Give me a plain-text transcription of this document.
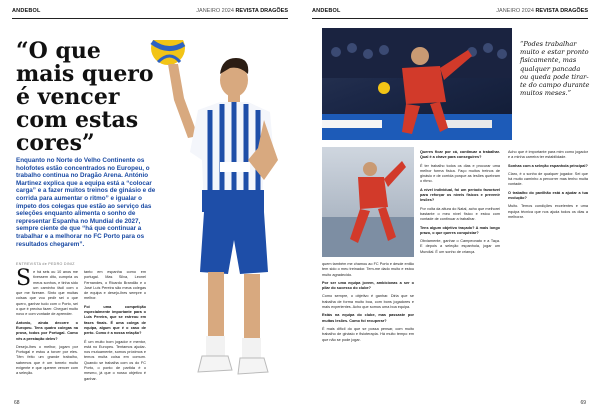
ANDEBOL	JANEIRO 2024 REVISTA DRAGÕES
“O que mais quero é vencer com estas cores”
Enquanto no Norte do Velho Continente os holofotes estão concentrados no Europeu, o trabalho continua no Dragão Arena. António Martinez explica que a equipa está a “colocar carga” e a fazer muitos treinos de ginásio e de corrida para aumentar o ritmo” e igualar o ímpeto dos colegas que estão ao serviço das seleções enquanto alimenta o sonho de representar Espanha no Mundial de 2027, sempre ciente de que “há que continuar a trabalhar e a melhorar no FC Porto para os resultados chegarem”.
ENTREVISTA de PEDRO DINIZ

Se há seis ou 10 anos me tivessem dito, cumpria os meus sonhos, e tinha sido um caminho fácil com o que me fizeram. Sinto que muitas coisas que vou pedir sei o que quero, ganhar tudo com o Porto, sei o que é preciso fazer. Cheguei muito novo e com vontade de aprender.

Antonio, ainda decorre o Europeu. Tens quatro colegas na prova, todos por Portugal. Como vês a prestação deles?

Desejo-lhes o melhor, jogam por Portugal e estou a torcer por eles. Têm feito um grande trabalho, sabemos que é um torneio muito exigente e que querem vencer com a seleção.

tanto em espanha como em portugal. Mas Silva, Leonel Fernandes, o Ricardo Brandão e o José Luís Pereira são meus colegas de equipa e desejo-lhes sempre o melhor.

Foi uma competição especialmente importante para o Luís Pereira, que se estreou em fases finais. É uma colega de equipa, algum que é o caso de perto. Como é a nossa relação?

É um muito bom jogador e mentor, está no Europeu. Tentamos ajudar-nos mutuamente, somos próximos e temos muita coisa em comum. Quando se trabalha com os do FC Porto, o ponto de partida é o mesmo, já que o nosso objetivo é ganhar.

68
ANDEBOL	JANEIRO 2024 REVISTA DRAGÕES
69
“Podes trabalhar muito e estar pronto fisicamente, mas qualquer pancada ou queda pode tirar-te do campo durante muitos meses.”

quem também me chamou ao FC Porto e desde então tem sido o meu treinador. Tem-me dado muito e estou muito agradecido.

Por ser uma equipa jovem, ambicionas a ser o pilar do sucesso do clube?

Como sempre, o objetivo é ganhar. Diria que se trabalha de forma muito boa, com bons jogadores e mais experientes. Acho que somos uma boa equipa.

Estás na equipa do clube, mas passaste por muitas lesões. Como foi recuperar?

É mais difícil do que se possa pensar, com muito trabalho de ginásio e fisioterapia. Há muito tempo em que não se pode jogar.

Queres ficar por cá, continuar a trabalhar. Qual é a chave para conseguires?

É ter trabalho todos os dias e procurar uma melhor forma física. Faço muitos treinos de ginásio e de corrida porque as lesões quebram o ritmo.

A nível individual, foi um período favorável para reforçar os níveis físicos e prevenir lesões?

Por volta da altura do Natal, acho que melhorei bastante o meu nível físico e estou com vontade de continuar a trabalhar.

Tens algum objetivo traçado? A mais longo prazo, o que queres conquistar?

Obviamente, ganhar o Campeonato e a Taça. E depois a seleção espanhola, jogar um Mundial. É um sonho de criança.

Acho que é importante para mim como jogador e a minha carreira ter estabilidade.

Sonhas com a seleção espanhola principal?

Claro, é o sonho de qualquer jogador. Sei que há muito caminho a percorrer mas tenho muita vontade.

O trabalho do pavilhão está a ajudar a tua evolução?

Muito. Temos condições excelentes e uma equipa técnica que nos ajuda todos os dias a melhorar.
